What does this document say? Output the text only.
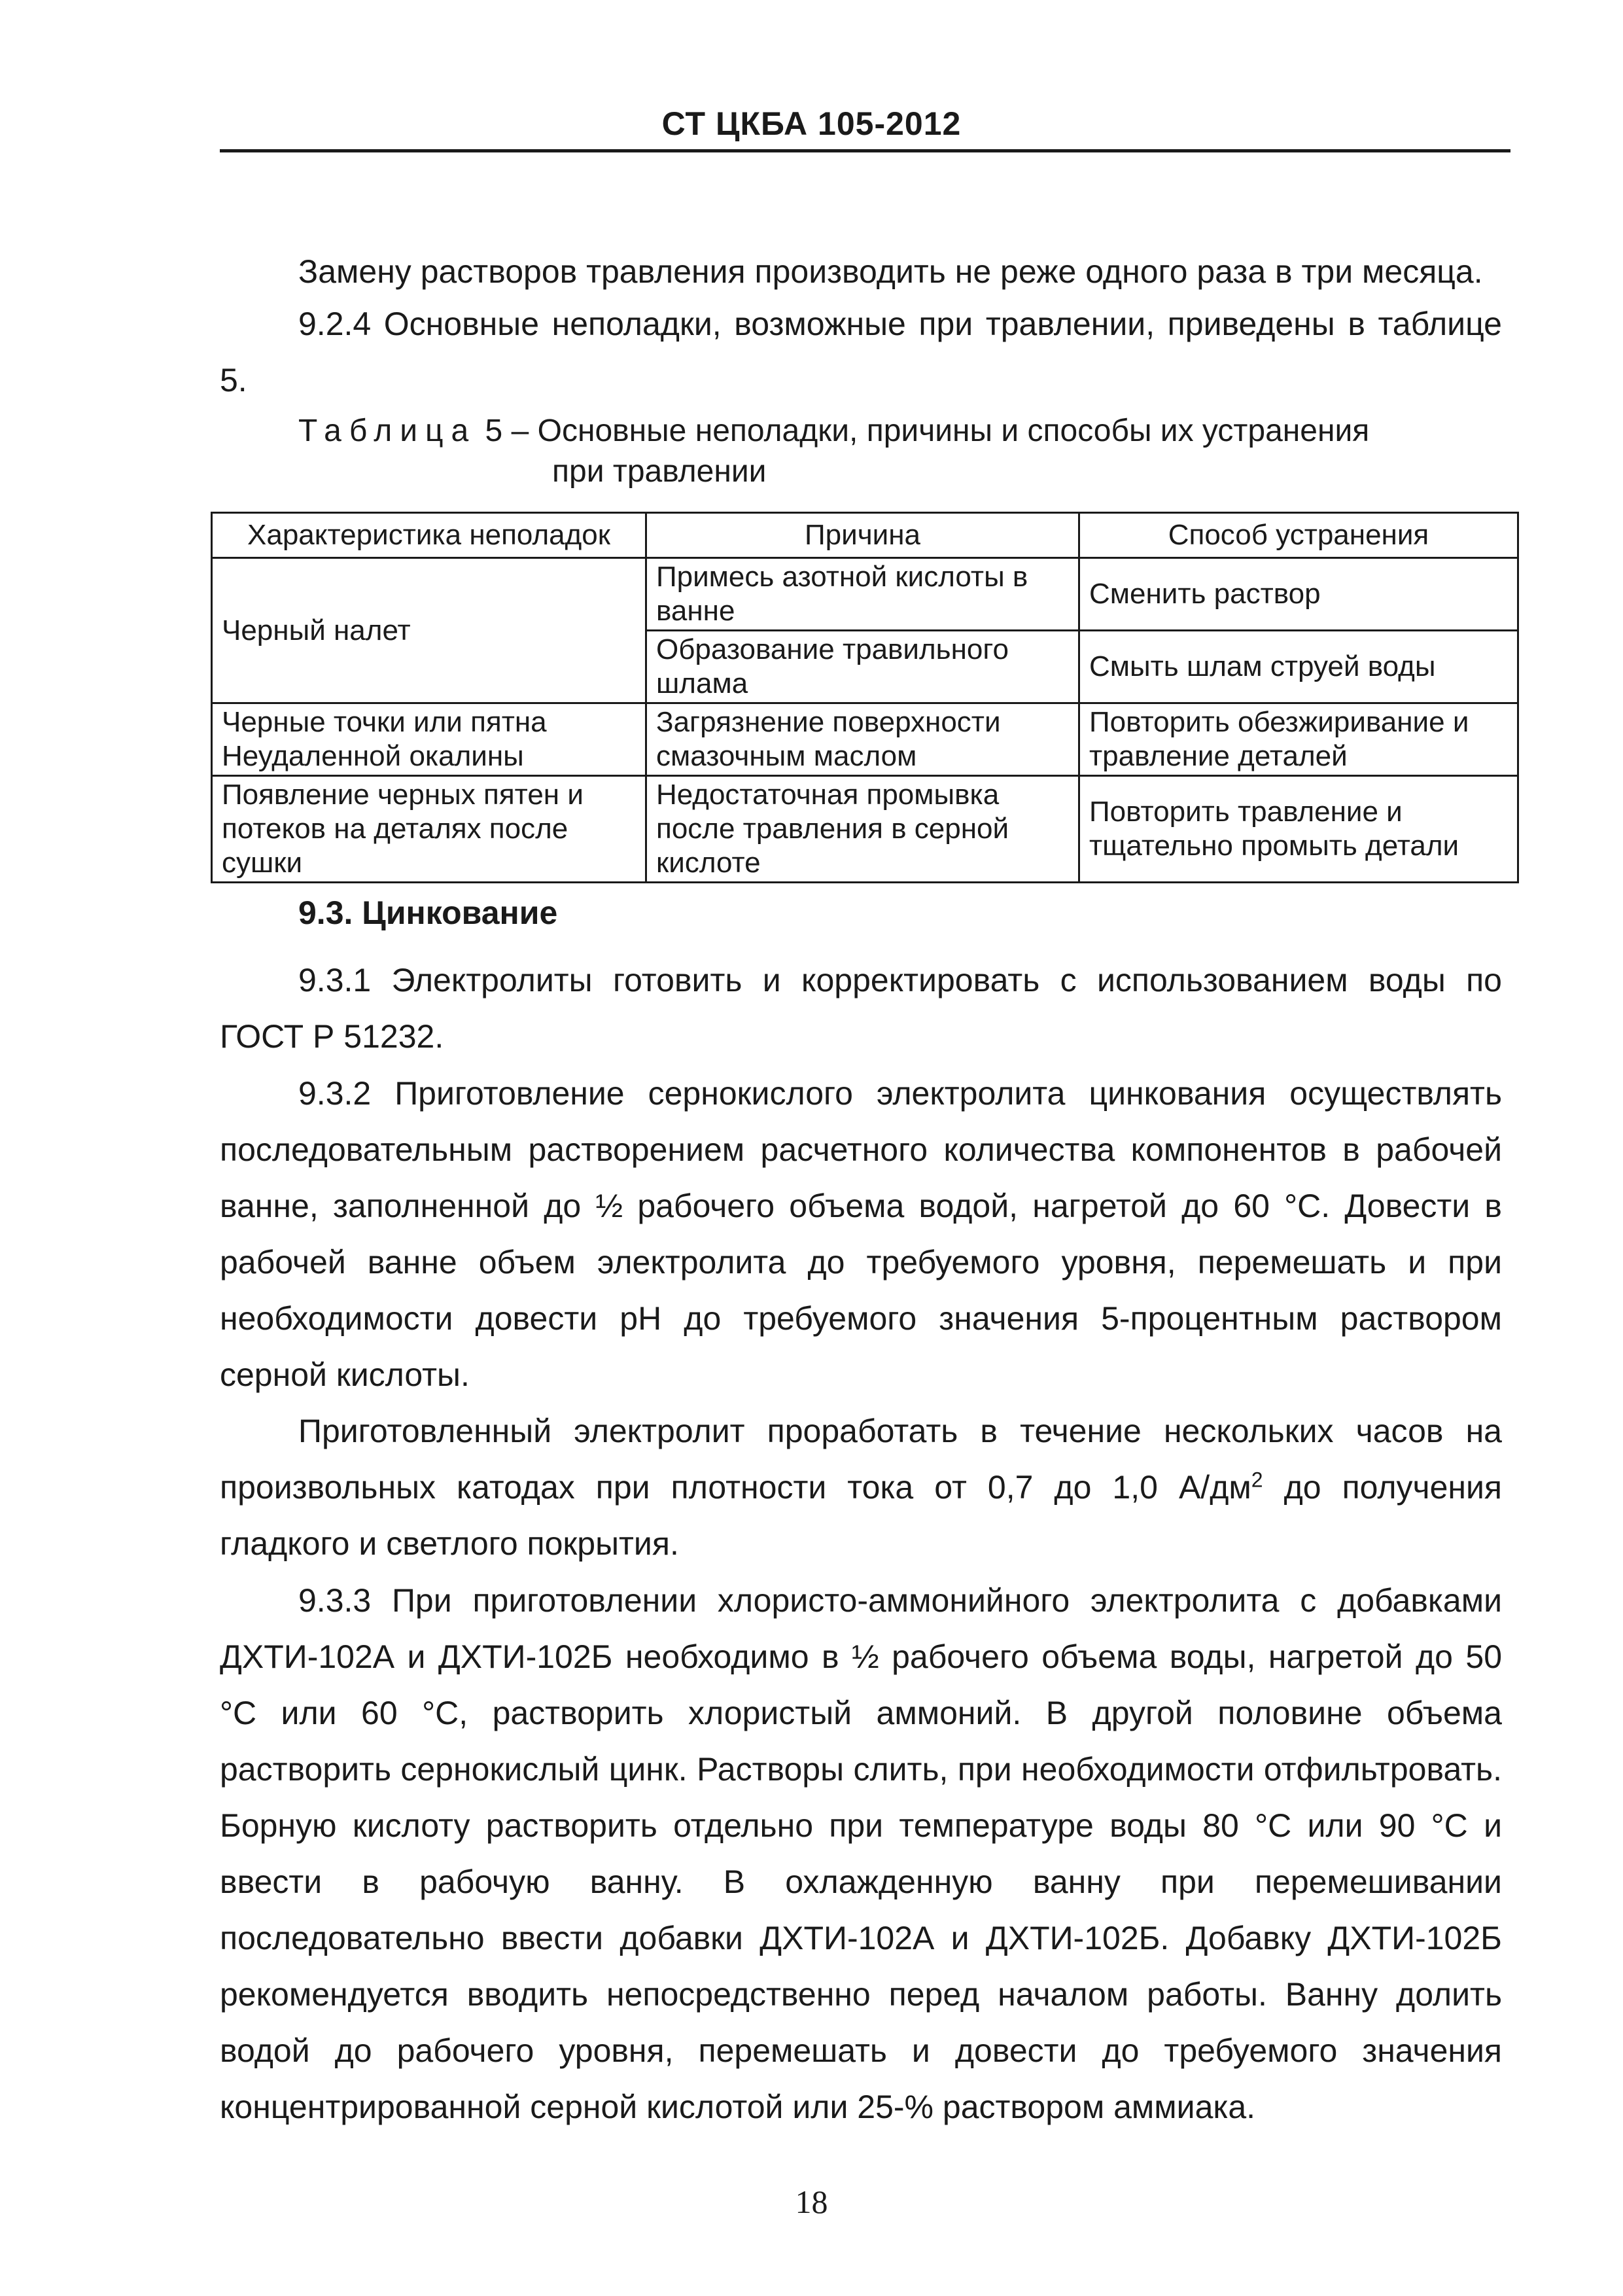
СТ ЦКБА 105-2012

Замену растворов травления производить не реже одного раза в три месяца.

9.2.4 Основные неполадки, возможные при травлении, приведены в таблице 5.

Таблица 5 – Основные неполадки, причины и способы их устранения
при травлении
Характеристика неполадок	Причина	Способ устранения
Черный налет	Примесь азотной кислоты в ванне	Сменить раствор
	Образование травильного шлама	Смыть шлам струей воды
Черные точки или пятна Неудаленной окалины	Загрязнение поверхности смазочным маслом	Повторить обезжиривание и травление деталей
Появление черных пятен и потеков на деталях после сушки	Недостаточная промывка после травления в серной кислоте	Повторить травление и тщательно промыть детали
9.3. Цинкование

9.3.1 Электролиты готовить и корректировать с использованием воды по ГОСТ Р 51232.

9.3.2 Приготовление сернокислого электролита цинкования осуществлять последовательным растворением расчетного количества компонентов в рабочей ванне, заполненной до ½ рабочего объема водой, нагретой до 60 °С. Довести в рабочей ванне объем электролита до требуемого уровня, перемешать и при необходимости довести pH до требуемого значения 5-процентным раствором серной кислоты.

Приготовленный электролит проработать в течение нескольких часов на произвольных катодах при плотности тока от 0,7 до 1,0 $А/дм^2$ до получения гладкого и светлого покрытия.

9.3.3 При приготовлении хлористо-аммонийного электролита с добавками ДХТИ-102А и ДХТИ-102Б необходимо в ½ рабочего объема воды, нагретой до 50 °С или 60 °С, растворить хлористый аммоний. В другой половине объема растворить сернокислый цинк. Растворы слить, при необходимости отфильтровать. Борную кислоту растворить отдельно при температуре воды 80 °С или 90 °С и ввести в рабочую ванну. В охлажденную ванну при перемешивании последовательно ввести добавки ДХТИ-102А и ДХТИ-102Б. Добавку ДХТИ-102Б рекомендуется вводить непосредственно перед началом работы. Ванну долить водой до рабочего уровня, перемешать и довести до требуемого значения концентрированной серной кислотой или 25-% раствором аммиака.

18
